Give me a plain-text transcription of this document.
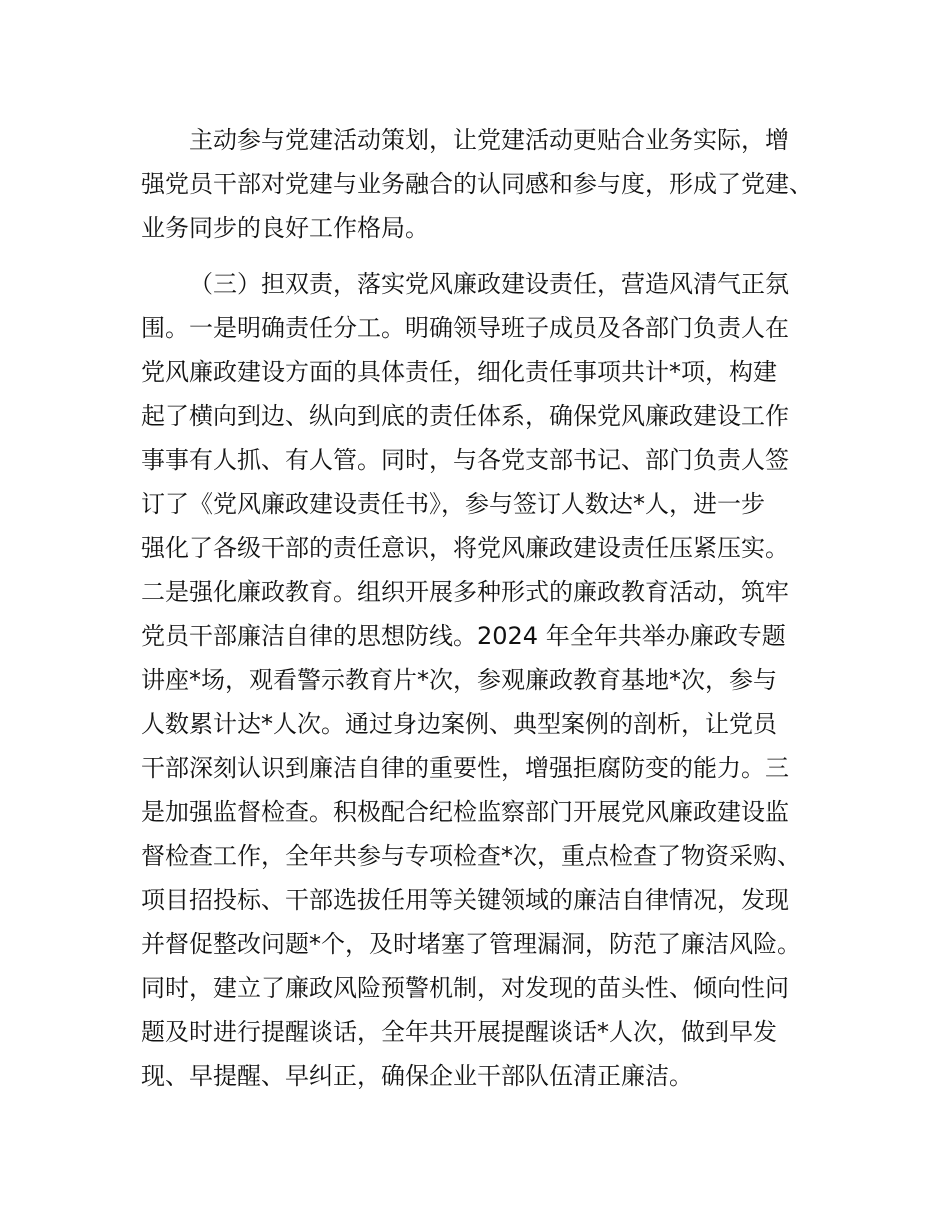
主动参与党建活动策划，让党建活动更贴合业务实际，增
强党员干部对党建与业务融合的认同感和参与度，形成了党建、
业务同步的良好工作格局。
（三）担双责，落实党风廉政建设责任，营造风清气正氛
围。一是明确责任分工。明确领导班子成员及各部门负责人在
党风廉政建设方面的具体责任，细化责任事项共计*项，构建
起了横向到边、纵向到底的责任体系，确保党风廉政建设工作
事事有人抓、有人管。同时，与各党支部书记、部门负责人签
订了《党风廉政建设责任书》，参与签订人数达*人，进一步
强化了各级干部的责任意识，将党风廉政建设责任压紧压实。
二是强化廉政教育。组织开展多种形式的廉政教育活动，筑牢
党员干部廉洁自律的思想防线。2024 年全年共举办廉政专题
讲座*场，观看警示教育片*次，参观廉政教育基地*次，参与
人数累计达*人次。通过身边案例、典型案例的剖析，让党员
干部深刻认识到廉洁自律的重要性，增强拒腐防变的能力。三
是加强监督检查。积极配合纪检监察部门开展党风廉政建设监
督检查工作，全年共参与专项检查*次，重点检查了物资采购、
项目招投标、干部选拔任用等关键领域的廉洁自律情况，发现
并督促整改问题*个，及时堵塞了管理漏洞，防范了廉洁风险。
同时，建立了廉政风险预警机制，对发现的苗头性、倾向性问
题及时进行提醒谈话，全年共开展提醒谈话*人次，做到早发
现、早提醒、早纠正，确保企业干部队伍清正廉洁。
